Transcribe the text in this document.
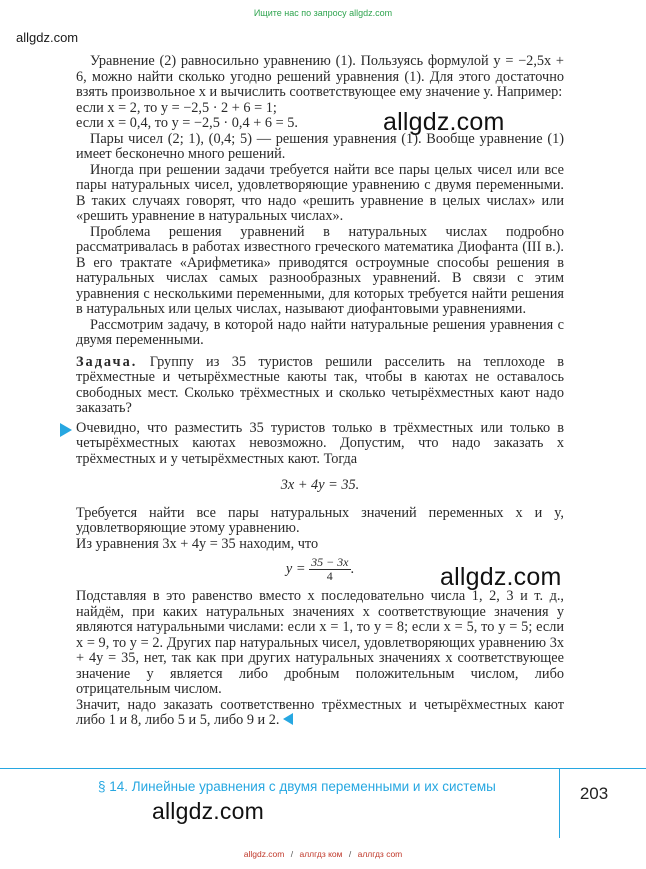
Ищите нас по запросу allgdz.com
allgdz.com
Уравнение (2) равносильно уравнению (1). Пользуясь формулой y = −2,5x + 6, можно найти сколько угодно решений уравнения (1). Для этого достаточно взять произвольное x и вычислить соответствующее ему значение y. Например:
если x = 2, то y = −2,5 · 2 + 6 = 1;
если x = 0,4, то y = −2,5 · 0,4 + 6 = 5.
Пары чисел (2; 1), (0,4; 5) — решения уравнения (1). Вообще уравнение (1) имеет бесконечно много решений.
Иногда при решении задачи требуется найти все пары целых чисел или все пары натуральных чисел, удовлетворяющие уравнению с двумя переменными. В таких случаях говорят, что надо «решить уравнение в целых числах» или «решить уравнение в натуральных числах».
Проблема решения уравнений в натуральных числах подробно рассматривалась в работах известного греческого математика Диофанта (III в.). В его трактате «Арифметика» приводятся остроумные способы решения в натуральных числах самых разнообразных уравнений. В связи с этим уравнения с несколькими переменными, для которых требуется найти решения в натуральных или целых числах, называют диофантовыми уравнениями.
Рассмотрим задачу, в которой надо найти натуральные решения уравнения с двумя переменными.
Задача. Группу из 35 туристов решили расселить на теплоходе в трёхместные и четырёхместные каюты так, чтобы в каютах не оставалось свободных мест. Сколько трёхместных и сколько четырёхместных кают надо заказать?
Очевидно, что разместить 35 туристов только в трёхместных или только в четырёхместных каютах невозможно. Допустим, что надо заказать x трёхместных и y четырёхместных кают. Тогда
3x + 4y = 35.
Требуется найти все пары натуральных значений переменных x и y, удовлетворяющие этому уравнению.
Из уравнения 3x + 4y = 35 находим, что
$y = \frac{35 - 3x}{4}$ .
Подставляя в это равенство вместо x последовательно числа 1, 2, 3 и т. д., найдём, при каких натуральных значениях x соответствующие значения y являются натуральными числами: если x = 1, то y = 8; если x = 5, то y = 5; если x = 9, то y = 2. Других пар натуральных чисел, удовлетворяющих уравнению 3x + 4y = 35, нет, так как при других натуральных значениях x соответствующее значение y является либо дробным положительным числом, либо отрицательным числом.
Значит, надо заказать соответственно трёхместных и четырёхместных кают либо 1 и 8, либо 5 и 5, либо 9 и 2.
allgdz.com
allgdz.com
allgdz.com
§ 14. Линейные уравнения с двумя переменными и их системы	203
allgdz.com / аллгдз ком / аллгдз com
